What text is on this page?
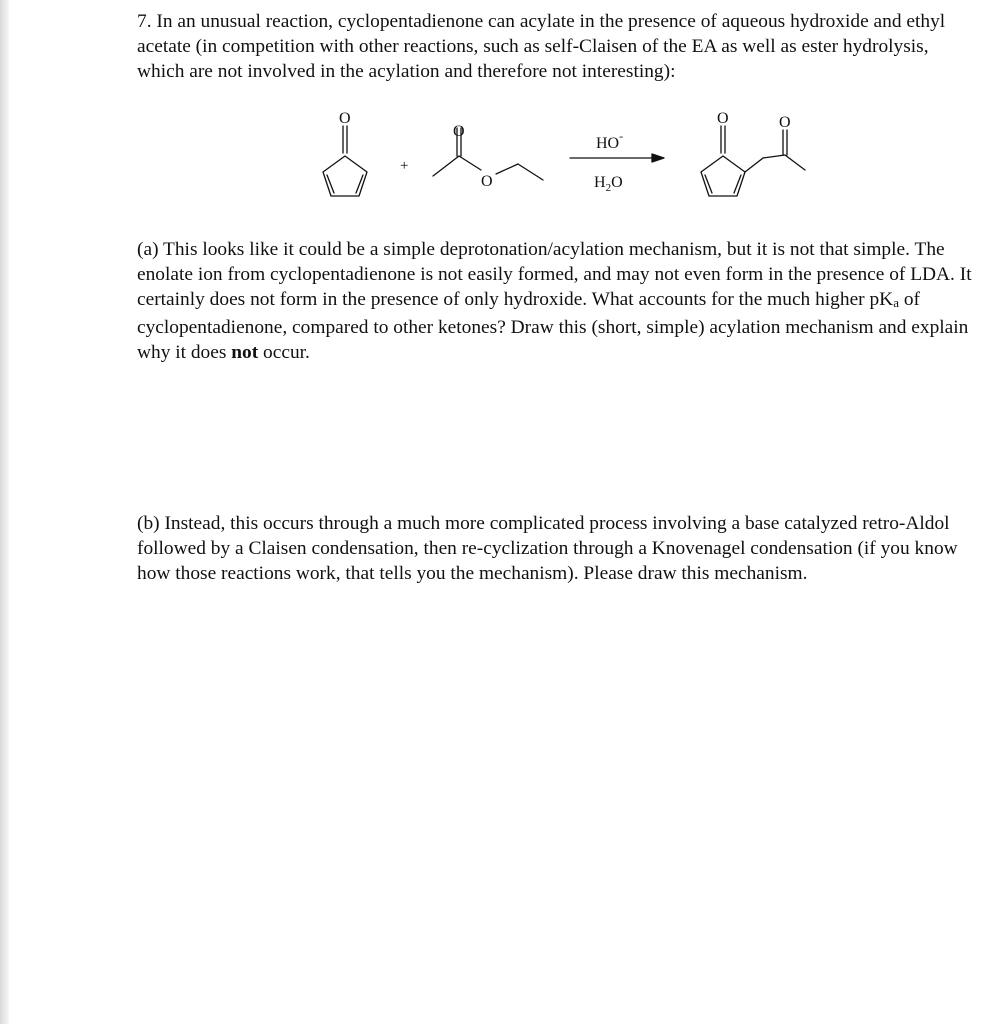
7. In an unusual reaction, cyclopentadienone can acylate in the presence of aqueous hydroxide and ethyl acetate (in competition with other reactions, such as self-Claisen of the EA as well as ester hydrolysis, which are not involved in the acylation and therefore not interesting):

O
+
O
O
HO-
$H_2O$
O	O

(a) This looks like it could be a simple deprotonation/acylation mechanism, but it is not that simple. The enolate ion from cyclopentadienone is not easily formed, and may not even form in the presence of LDA. It certainly does not form in the presence of only hydroxide. What accounts for the much higher $pK_a$ of cyclopentadienone, compared to other ketones? Draw this (short, simple) acylation mechanism and explain why it does not occur.

(b) Instead, this occurs through a much more complicated process involving a base catalyzed retro-Aldol followed by a Claisen condensation, then re-cyclization through a Knovenagel condensation (if you know how those reactions work, that tells you the mechanism). Please draw this mechanism.
